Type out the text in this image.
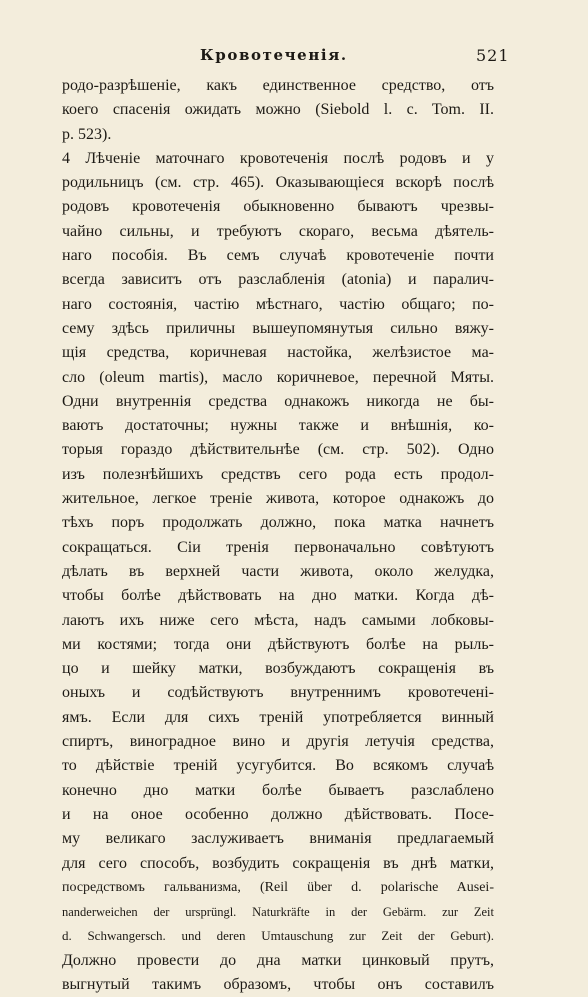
Кровотеченія.	521
родо-разрѣшеніе, какъ единственное средство, отъ
коего спасенія ожидать можно (Siebold l. c. Tom. II.
p. 523).
4 Лѣченіе маточнаго кровотеченія послѣ родовъ и у
родильницъ (см. стр. 465). Оказывающіеся вскорѣ послѣ
родовъ кровотеченія обыкновенно бываютъ чрезвы-
чайно сильны, и требуютъ скораго, весьма дѣятель-
наго пособія. Въ семъ случаѣ кровотеченіе почти
всегда зависитъ отъ разслабленія (atonia) и паралич-
наго состоянія, частію мѣстнаго, частію общаго; по-
сему здѣсь приличны вышеупомянутыя сильно вяжу-
щія средства, коричневая настойка, желѣзистое ма-
сло (oleum martis), масло коричневое, перечной Мяты.
Одни внутреннія средства однакожъ никогда не бы-
ваютъ достаточны; нужны также и внѣшнія, ко-
торыя гораздо дѣйствительнѣе (см. стр. 502). Одно
изъ полезнѣйшихъ средствъ сего рода есть продол-
жительное, легкое треніе живота, которое однакожъ до
тѣхъ поръ продолжать должно, пока матка начнетъ
сокращаться. Сіи тренія первоначально совѣтуютъ
дѣлать въ верхней части живота, около желудка,
чтобы болѣе дѣйствовать на дно матки. Когда дѣ-
лаютъ ихъ ниже сего мѣста, надъ самыми лобковы-
ми костями; тогда они дѣйствуютъ болѣе на рыль-
цо и шейку матки, возбуждаютъ сокращенія въ
оныхъ и содѣйствуютъ внутреннимъ кровотечені-
ямъ. Если для сихъ треній употребляется винный
спиртъ, виноградное вино и другія летучія средства,
то дѣйствіе треній усугубится. Во всякомъ случаѣ
конечно дно матки болѣе бываетъ разслаблено
и на оное особенно должно дѣйствовать. Посе-
му великаго заслуживаетъ вниманія предлагаемый
для сего способъ, возбудить сокращенія въ днѣ матки,
посредствомъ гальванизма, (Reil über d. polarische Ausei-
nanderweichen der ursprüngl. Naturkräfte in der Gebärm. zur Zeit
d. Schwangersch. und deren Umtauschung zur Zeit der Geburt).
Должно провести до дна матки цинковый прутъ,
выгнутый такимъ образомъ, чтобы онъ составилъ
